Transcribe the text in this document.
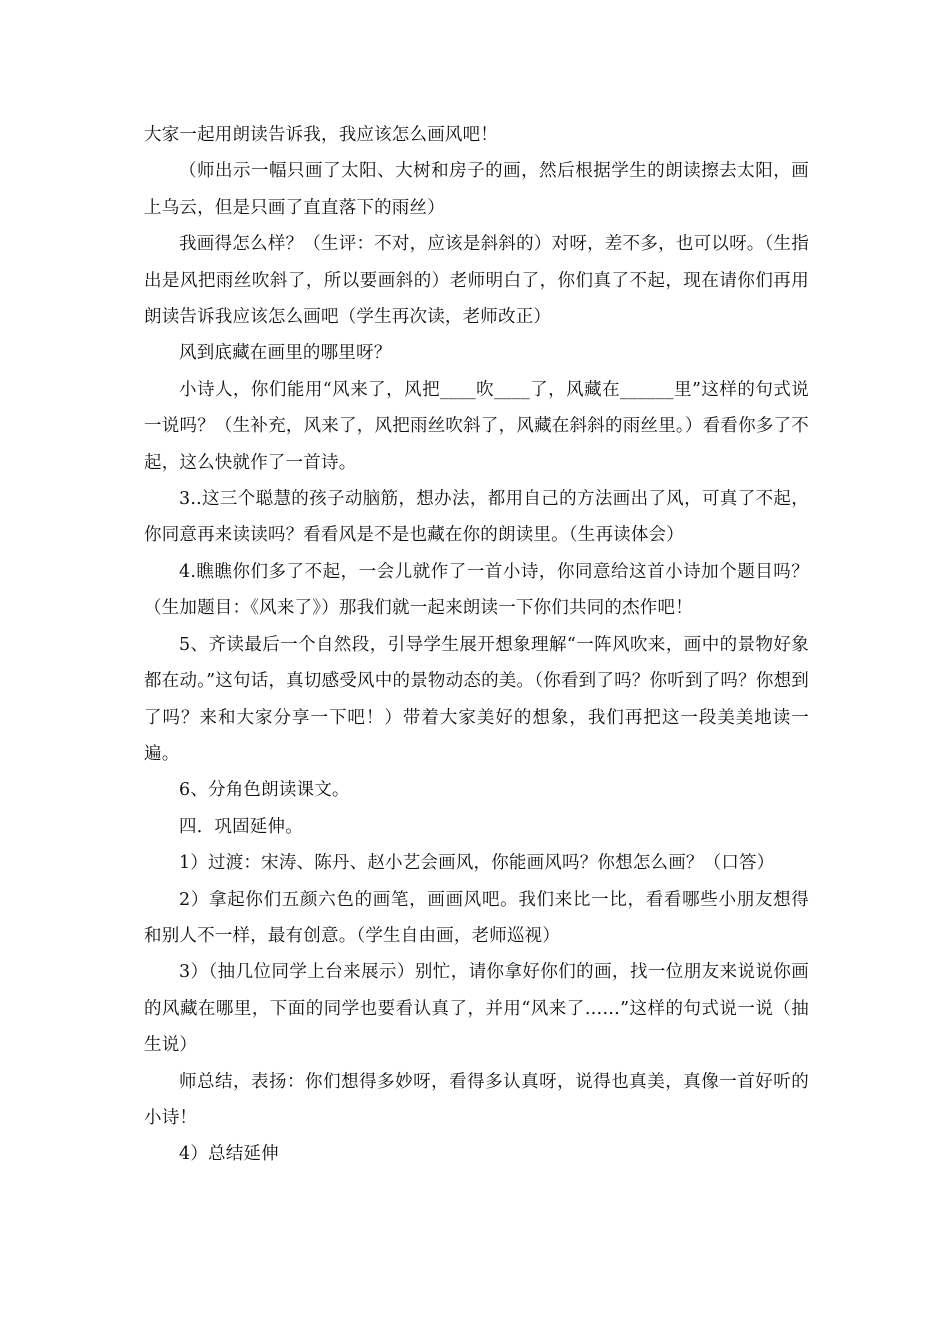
大家一起用朗读告诉我，我应该怎么画风吧！

（师出示一幅只画了太阳、大树和房子的画，然后根据学生的朗读擦去太阳，画上乌云，但是只画了直直落下的雨丝）

我画得怎么样？（生评：不对，应该是斜斜的）对呀，差不多，也可以呀。（生指出是风把雨丝吹斜了，所以要画斜的）老师明白了，你们真了不起，现在请你们再用朗读告诉我应该怎么画吧（学生再次读，老师改正）

风到底藏在画里的哪里呀？

小诗人，你们能用“风来了，风把____吹____了，风藏在______里”这样的句式说一说吗？（生补充，风来了，风把雨丝吹斜了，风藏在斜斜的雨丝里。）看看你多了不起，这么快就作了一首诗。

3..这三个聪慧的孩子动脑筋，想办法，都用自己的方法画出了风，可真了不起，你同意再来读读吗？看看风是不是也藏在你的朗读里。（生再读体会）

4.瞧瞧你们多了不起，一会儿就作了一首小诗，你同意给这首小诗加个题目吗？（生加题目：《风来了》）那我们就一起来朗读一下你们共同的杰作吧！

5、齐读最后一个自然段，引导学生展开想象理解“一阵风吹来，画中的景物好象都在动。”这句话，真切感受风中的景物动态的美。（你看到了吗？你听到了吗？你想到了吗？来和大家分享一下吧！）带着大家美好的想象，我们再把这一段美美地读一遍。

6、分角色朗读课文。

四．巩固延伸。

1）过渡：宋涛、陈丹、赵小艺会画风，你能画风吗？你想怎么画？（口答）

2）拿起你们五颜六色的画笔，画画风吧。我们来比一比，看看哪些小朋友想得和别人不一样，最有创意。（学生自由画，老师巡视）

3）（抽几位同学上台来展示）别忙，请你拿好你们的画，找一位朋友来说说你画的风藏在哪里，下面的同学也要看认真了，并用“风来了……”这样的句式说一说（抽生说）

师总结，表扬：你们想得多妙呀，看得多认真呀，说得也真美，真像一首好听的小诗！

4）总结延伸
